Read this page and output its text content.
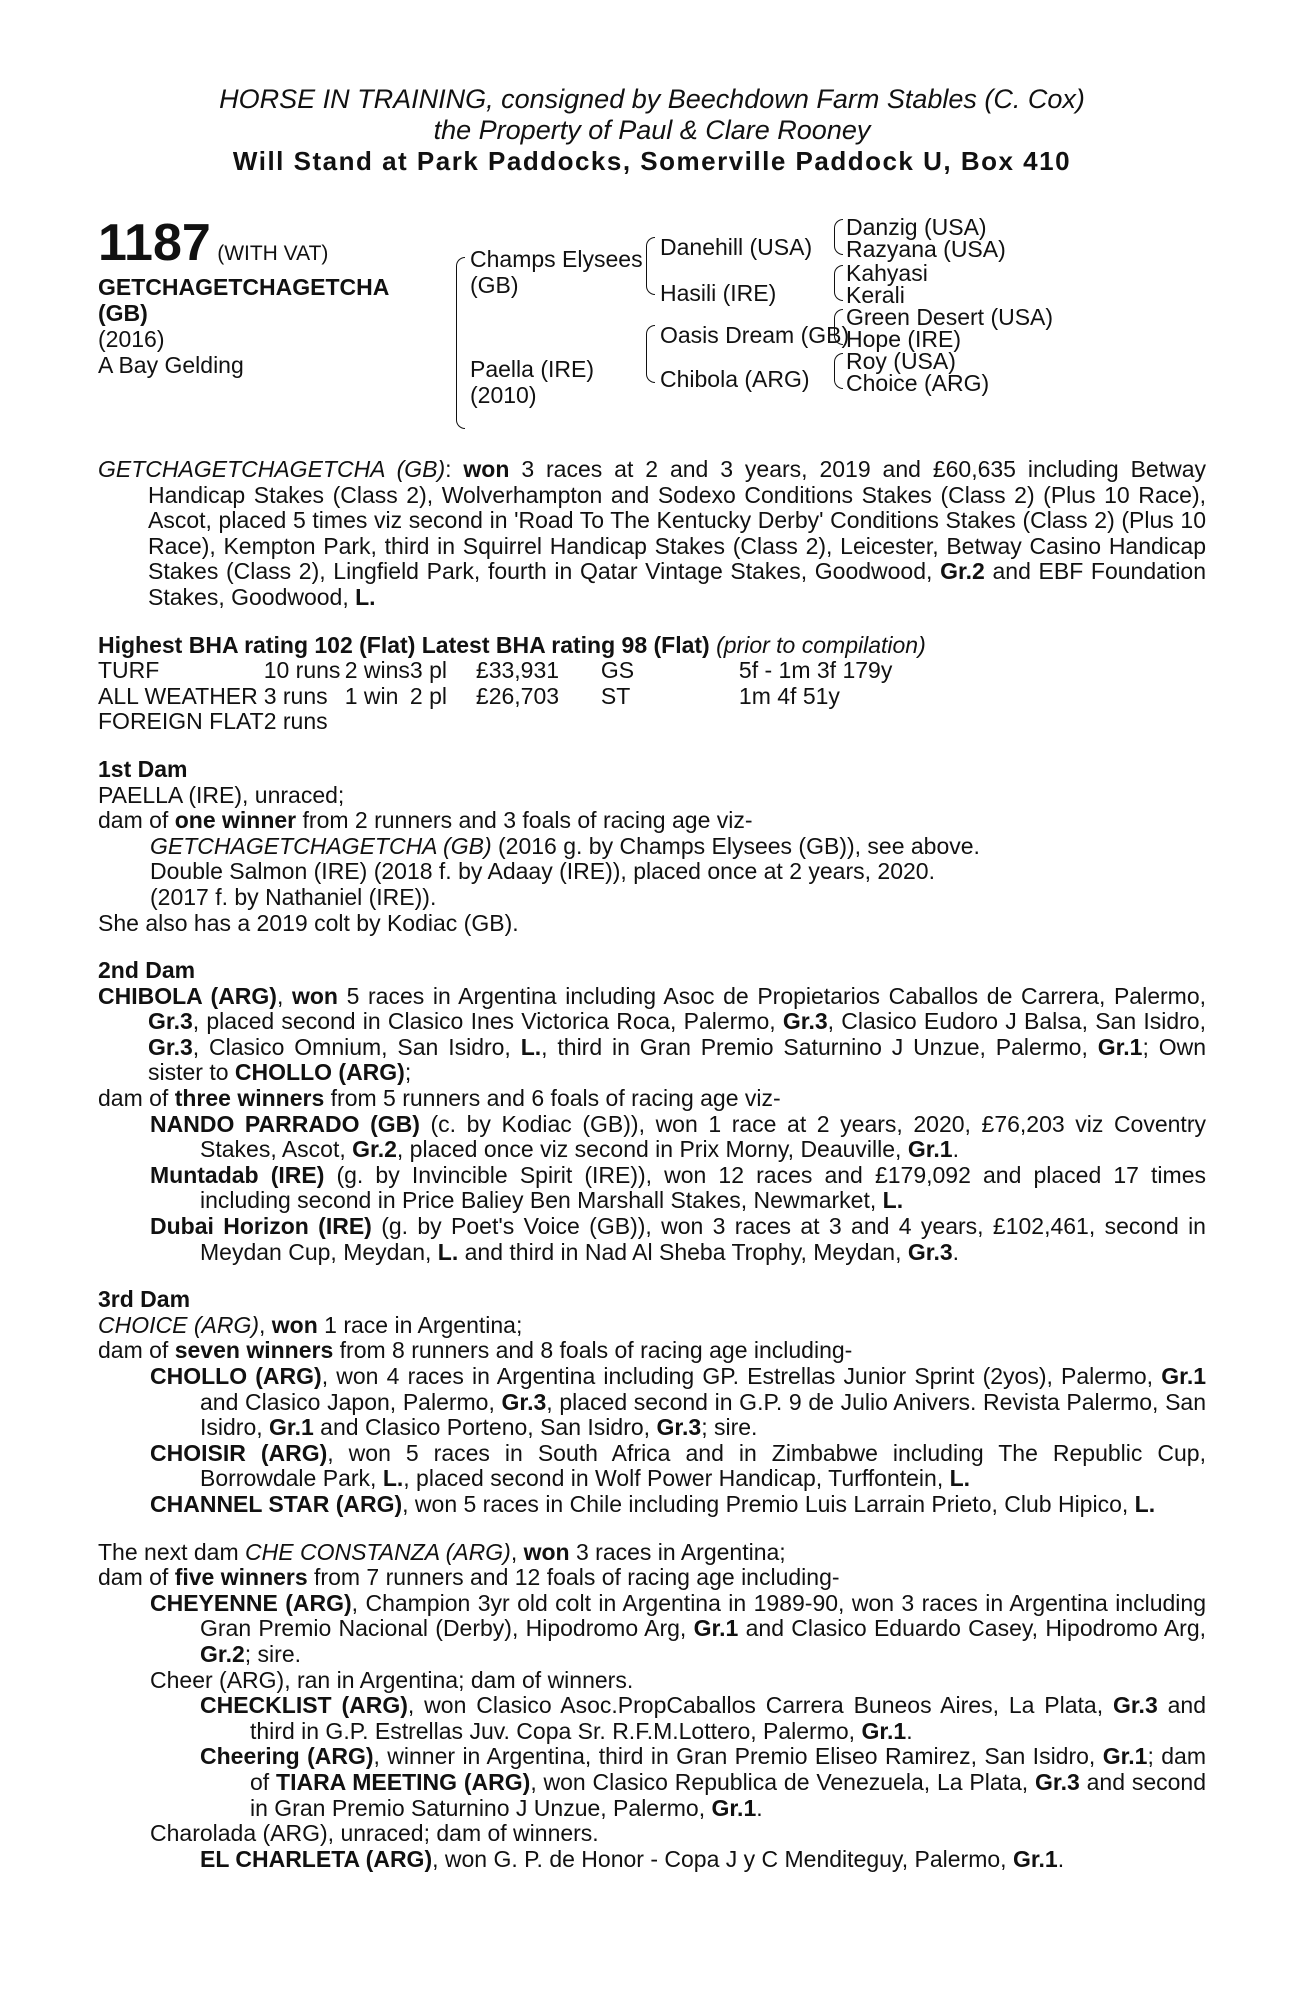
HORSE IN TRAINING, consigned by Beechdown Farm Stables (C. Cox)
the Property of Paul & Clare Rooney
Will Stand at Park Paddocks, Somerville Paddock U, Box 410
1187 (WITH VAT)
GETCHAGETCHAGETCHA
(GB)
(2016)
A Bay Gelding
Champs Elysees
(GB)
Paella (IRE)
(2010)
Danehill (USA)
Hasili (IRE)
Oasis Dream (GB)
Chibola (ARG)
Danzig (USA)
Razyana (USA)
Kahyasi
Kerali
Green Desert (USA)
Hope (IRE)
Roy (USA)
Choice (ARG)

GETCHAGETCHAGETCHA (GB): won 3 races at 2 and 3 years, 2019 and £60,635 including Betway Handicap Stakes (Class 2), Wolverhampton and Sodexo Conditions Stakes (Class 2) (Plus 10 Race), Ascot, placed 5 times viz second in 'Road To The Kentucky Derby' Conditions Stakes (Class 2) (Plus 10 Race), Kempton Park, third in Squirrel Handicap Stakes (Class 2), Leicester, Betway Casino Handicap Stakes (Class 2), Lingfield Park, fourth in Qatar Vintage Stakes, Goodwood, Gr.2 and EBF Foundation Stakes, Goodwood, L.

Highest BHA rating 102 (Flat) Latest BHA rating 98 (Flat) (prior to compilation)
TURF	10 runs	2 wins	3 pl	£33,931	GS	5f - 1m 3f 179y
ALL WEATHER	3 runs	1 win	2 pl	£26,703	ST	1m 4f 51y
FOREIGN FLAT	2 runs					
1st Dam
PAELLA (IRE), unraced;
dam of one winner from 2 runners and 3 foals of racing age viz-
GETCHAGETCHAGETCHA (GB) (2016 g. by Champs Elysees (GB)), see above.
Double Salmon (IRE) (2018 f. by Adaay (IRE)), placed once at 2 years, 2020.
(2017 f. by Nathaniel (IRE)).
She also has a 2019 colt by Kodiac (GB).
2nd Dam

CHIBOLA (ARG), won 5 races in Argentina including Asoc de Propietarios Caballos de Carrera, Palermo, Gr.3, placed second in Clasico Ines Victorica Roca, Palermo, Gr.3, Clasico Eudoro J Balsa, San Isidro, Gr.3, Clasico Omnium, San Isidro, L., third in Gran Premio Saturnino J Unzue, Palermo, Gr.1; Own sister to CHOLLO (ARG);

dam of three winners from 5 runners and 6 foals of racing age viz-

NANDO PARRADO (GB) (c. by Kodiac (GB)), won 1 race at 2 years, 2020, £76,203 viz Coventry Stakes, Ascot, Gr.2, placed once viz second in Prix Morny, Deauville, Gr.1.

Muntadab (IRE) (g. by Invincible Spirit (IRE)), won 12 races and £179,092 and placed 17 times including second in Price Baliey Ben Marshall Stakes, Newmarket, L.

Dubai Horizon (IRE) (g. by Poet's Voice (GB)), won 3 races at 3 and 4 years, £102,461, second in Meydan Cup, Meydan, L. and third in Nad Al Sheba Trophy, Meydan, Gr.3.

3rd Dam
CHOICE (ARG), won 1 race in Argentina;
dam of seven winners from 8 runners and 8 foals of racing age including-

CHOLLO (ARG), won 4 races in Argentina including GP. Estrellas Junior Sprint (2yos), Palermo, Gr.1 and Clasico Japon, Palermo, Gr.3, placed second in G.P. 9 de Julio Anivers. Revista Palermo, San Isidro, Gr.1 and Clasico Porteno, San Isidro, Gr.3; sire.

CHOISIR (ARG), won 5 races in South Africa and in Zimbabwe including The Republic Cup, Borrowdale Park, L., placed second in Wolf Power Handicap, Turffontein, L.

CHANNEL STAR (ARG), won 5 races in Chile including Premio Luis Larrain Prieto, Club Hipico, L.

The next dam CHE CONSTANZA (ARG), won 3 races in Argentina;
dam of five winners from 7 runners and 12 foals of racing age including-

CHEYENNE (ARG), Champion 3yr old colt in Argentina in 1989-90, won 3 races in Argentina including Gran Premio Nacional (Derby), Hipodromo Arg, Gr.1 and Clasico Eduardo Casey, Hipodromo Arg, Gr.2; sire.

Cheer (ARG), ran in Argentina; dam of winners.

CHECKLIST (ARG), won Clasico Asoc.PropCaballos Carrera Buneos Aires, La Plata, Gr.3 and third in G.P. Estrellas Juv. Copa Sr. R.F.M.Lottero, Palermo, Gr.1.

Cheering (ARG), winner in Argentina, third in Gran Premio Eliseo Ramirez, San Isidro, Gr.1; dam of TIARA MEETING (ARG), won Clasico Republica de Venezuela, La Plata, Gr.3 and second in Gran Premio Saturnino J Unzue, Palermo, Gr.1.

Charolada (ARG), unraced; dam of winners.

EL CHARLETA (ARG), won G. P. de Honor - Copa J y C Menditeguy, Palermo, Gr.1.
